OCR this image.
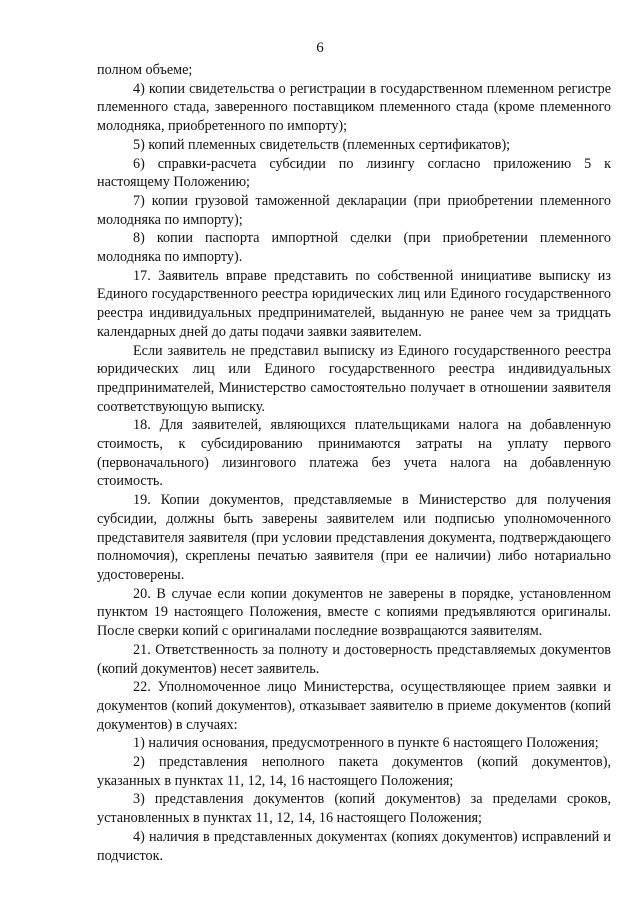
6

полном объеме;

4) копии свидетельства о регистрации в государственном племенном регистре племенного стада, заверенного поставщиком племенного стада (кроме племенного молодняка, приобретенного по импорту);

5) копий племенных свидетельств (племенных сертификатов);

6) справки-расчета субсидии по лизингу согласно приложению 5 к настоящему Положению;

7) копии грузовой таможенной декларации (при приобретении племенного молодняка по импорту);

8) копии паспорта импортной сделки (при приобретении племенного молодняка по импорту).

17. Заявитель вправе представить по собственной инициативе выписку из Единого государственного реестра юридических лиц или Единого государственного реестра индивидуальных предпринимателей, выданную не ранее чем за тридцать календарных дней до даты подачи заявки заявителем.

Если заявитель не представил выписку из Единого государственного реестра юридических лиц или Единого государственного реестра индивидуальных предпринимателей, Министерство самостоятельно получает в отношении заявителя соответствующую выписку.

18. Для заявителей, являющихся плательщиками налога на добавленную стоимость, к субсидированию принимаются затраты на уплату первого (первоначального) лизингового платежа без учета налога на добавленную стоимость.

19. Копии документов, представляемые в Министерство для получения субсидии, должны быть заверены заявителем или подписью уполномоченного представителя заявителя (при условии представления документа, подтверждающего полномочия), скреплены печатью заявителя (при ее наличии) либо нотариально удостоверены.

20. В случае если копии документов не заверены в порядке, установленном пунктом 19 настоящего Положения, вместе с копиями предъявляются оригиналы. После сверки копий с оригиналами последние возвращаются заявителям.

21. Ответственность за полноту и достоверность представляемых документов (копий документов) несет заявитель.

22. Уполномоченное лицо Министерства, осуществляющее прием заявки и документов (копий документов), отказывает заявителю в приеме документов (копий документов) в случаях:

1) наличия основания, предусмотренного в пункте 6 настоящего Положения;

2) представления неполного пакета документов (копий документов), указанных в пунктах 11, 12, 14, 16 настоящего Положения;

3) представления документов (копий документов) за пределами сроков, установленных в пунктах 11, 12, 14, 16 настоящего Положения;

4) наличия в представленных документах (копиях документов) исправлений и подчисток.
